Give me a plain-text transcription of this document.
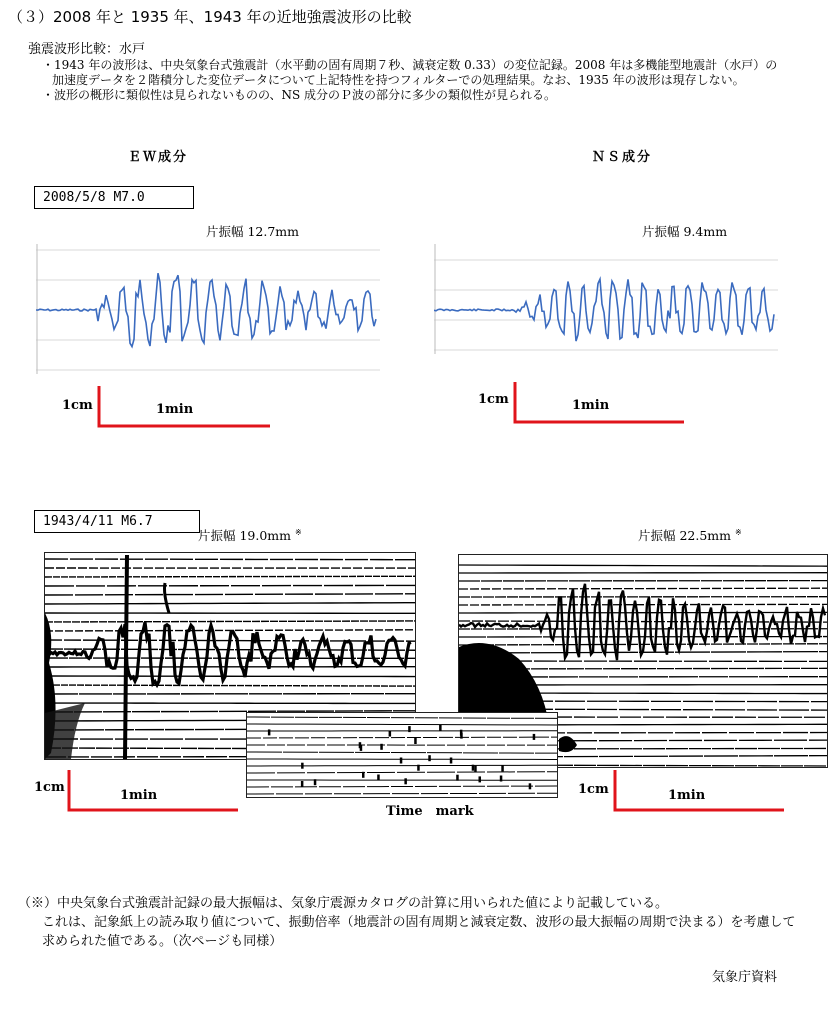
（３）2008 年と 1935 年、1943 年の近地強震波形の比較
強震波形比較：水戸
・1943 年の波形は、中央気象台式強震計（水平動の固有周期７秒、減衰定数 0.33）の変位記録。2008 年は多機能型地震計（水戸）の加速度データを２階積分した変位データについて上記特性を持つフィルターでの処理結果。なお、1935 年の波形は現存しない。
・波形の概形に類似性は見られないものの、NS 成分のＰ波の部分に多少の類似性が見られる。
ＥＷ成分	ＮＳ成分
2008/5/8 M7.0
片振幅 12.7mm	片振幅 9.4mm
1cm	1min
1cm	1min
1943/4/11 M6.7
片振幅 19.0mm ※	片振幅 22.5mm ※
Time　mark
1cm
1min	1cm	1min
（※）中央気象台式強震計記録の最大振幅は、気象庁震源カタログの計算に用いられた値により記載している。
これは、記象紙上の読み取り値について、振動倍率（地震計の固有周期と減衰定数、波形の最大振幅の周期で決まる）を考慮して求められた値である。（次ページも同様）
気象庁資料
